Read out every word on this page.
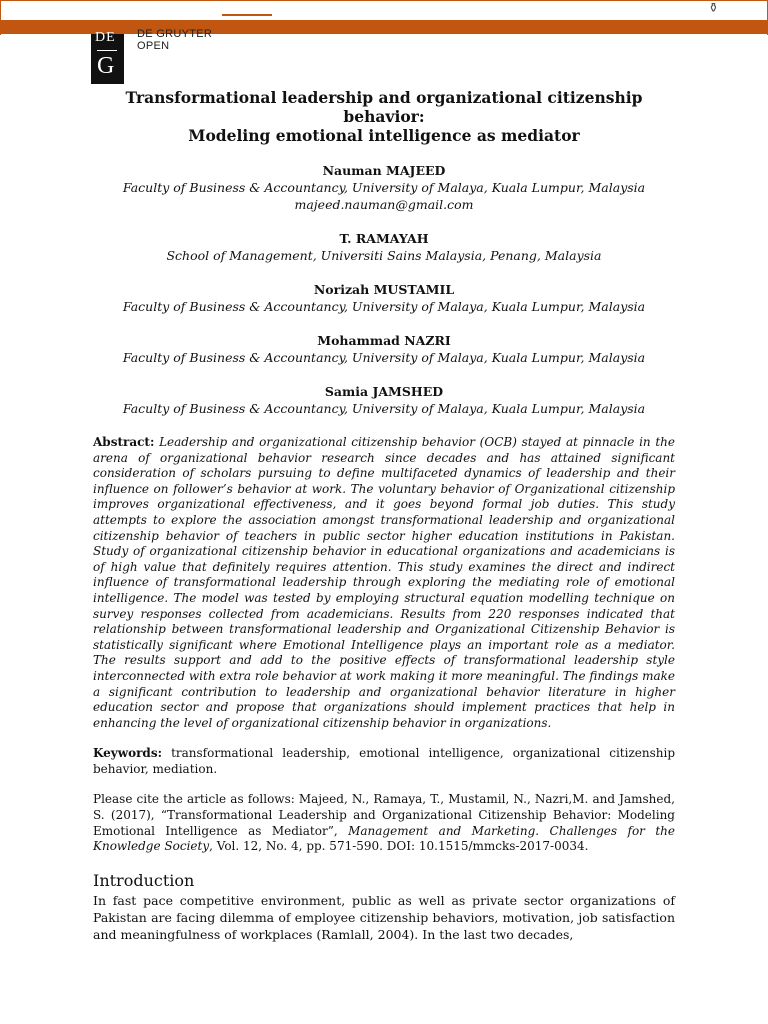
⚱
DE
G
DE GRUYTER
OPEN
Transformational leadership and organizational citizenship behavior:
Modeling emotional intelligence as mediator
Nauman MAJEED
Faculty of Business & Accountancy, University of Malaya, Kuala Lumpur, Malaysia
majeed.nauman@gmail.com
T. RAMAYAH
School of Management, Universiti Sains Malaysia, Penang, Malaysia
Norizah MUSTAMIL
Faculty of Business & Accountancy, University of Malaya, Kuala Lumpur, Malaysia
Mohammad NAZRI
Faculty of Business & Accountancy, University of Malaya, Kuala Lumpur, Malaysia
Samia JAMSHED
Faculty of Business & Accountancy, University of Malaya, Kuala Lumpur, Malaysia
Abstract: Leadership and organizational citizenship behavior (OCB) stayed at pinnacle in the arena of organizational behavior research since decades and has attained significant consideration of scholars pursuing to define multifaceted dynamics of leadership and their influence on follower’s behavior at work. The voluntary behavior of Organizational citizenship improves organizational effectiveness, and it goes beyond formal job duties. This study attempts to explore the association amongst transformational leadership and organizational citizenship behavior of teachers in public sector higher education institutions in Pakistan. Study of organizational citizenship behavior in educational organizations and academicians is of high value that definitely requires attention. This study examines the direct and indirect influence of transformational leadership through exploring the mediating role of emotional intelligence. The model was tested by employing structural equation modelling technique on survey responses collected from academicians. Results from 220 responses indicated that relationship between transformational leadership and Organizational Citizenship Behavior is statistically significant where Emotional Intelligence plays an important role as a mediator. The results support and add to the positive effects of transformational leadership style interconnected with extra role behavior at work making it more meaningful. The findings make a significant contribution to leadership and organizational behavior literature in higher education sector and propose that organizations should implement practices that help in enhancing the level of organizational citizenship behavior in organizations.
Keywords: transformational leadership, emotional intelligence, organizational citizenship behavior, mediation.
Please cite the article as follows: Majeed, N., Ramaya, T., Mustamil, N., Nazri,M. and Jamshed, S. (2017), “Transformational Leadership and Organizational Citizenship Behavior: Modeling Emotional Intelligence as Mediator”, Management and Marketing. Challenges for the Knowledge Society, Vol. 12, No. 4, pp. 571-590. DOI: 10.1515/mmcks-2017-0034.
Introduction
In fast pace competitive environment, public as well as private sector organizations of Pakistan are facing dilemma of employee citizenship behaviors, motivation, job satisfaction and meaningfulness of workplaces (Ramlall, 2004). In the last two decades,
